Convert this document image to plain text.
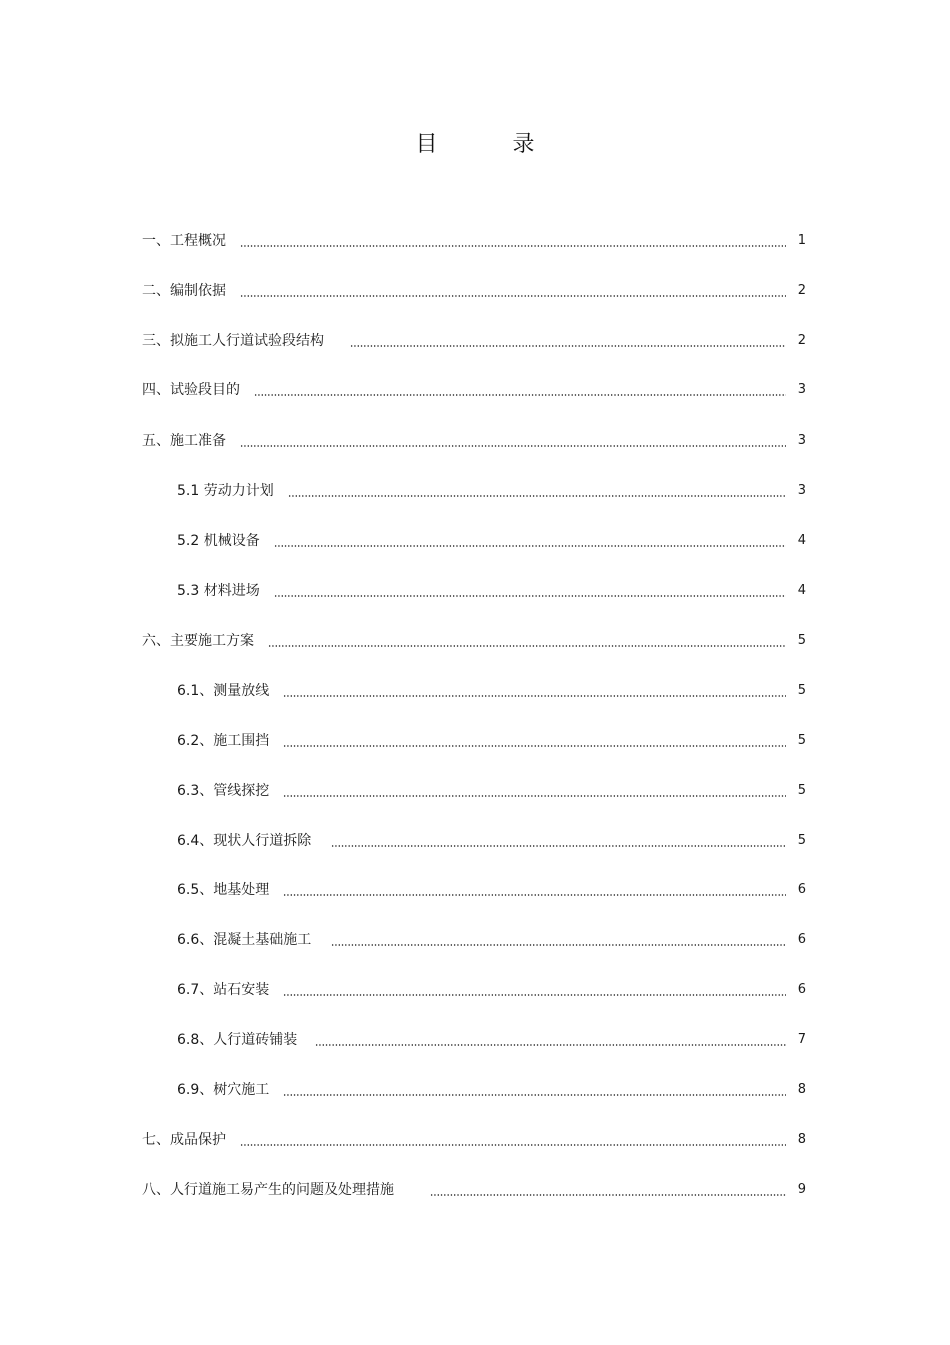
目 录
一、工程概况	1
二、编制依据	2
三、拟施工人行道试验段结构	2
四、试验段目的	3
五、施工准备	3
5.1 劳动力计划	3
5.2 机械设备	4
5.3 材料进场	4
六、主要施工方案	5
6.1、测量放线	5
6.2、施工围挡	5
6.3、管线探挖	5
6.4、现状人行道拆除	5
6.5、地基处理	6
6.6、混凝土基础施工	6
6.7、站石安装	6
6.8、人行道砖铺装	7
6.9、树穴施工	8
七、成品保护	8
八、人行道施工易产生的问题及处理措施	9
